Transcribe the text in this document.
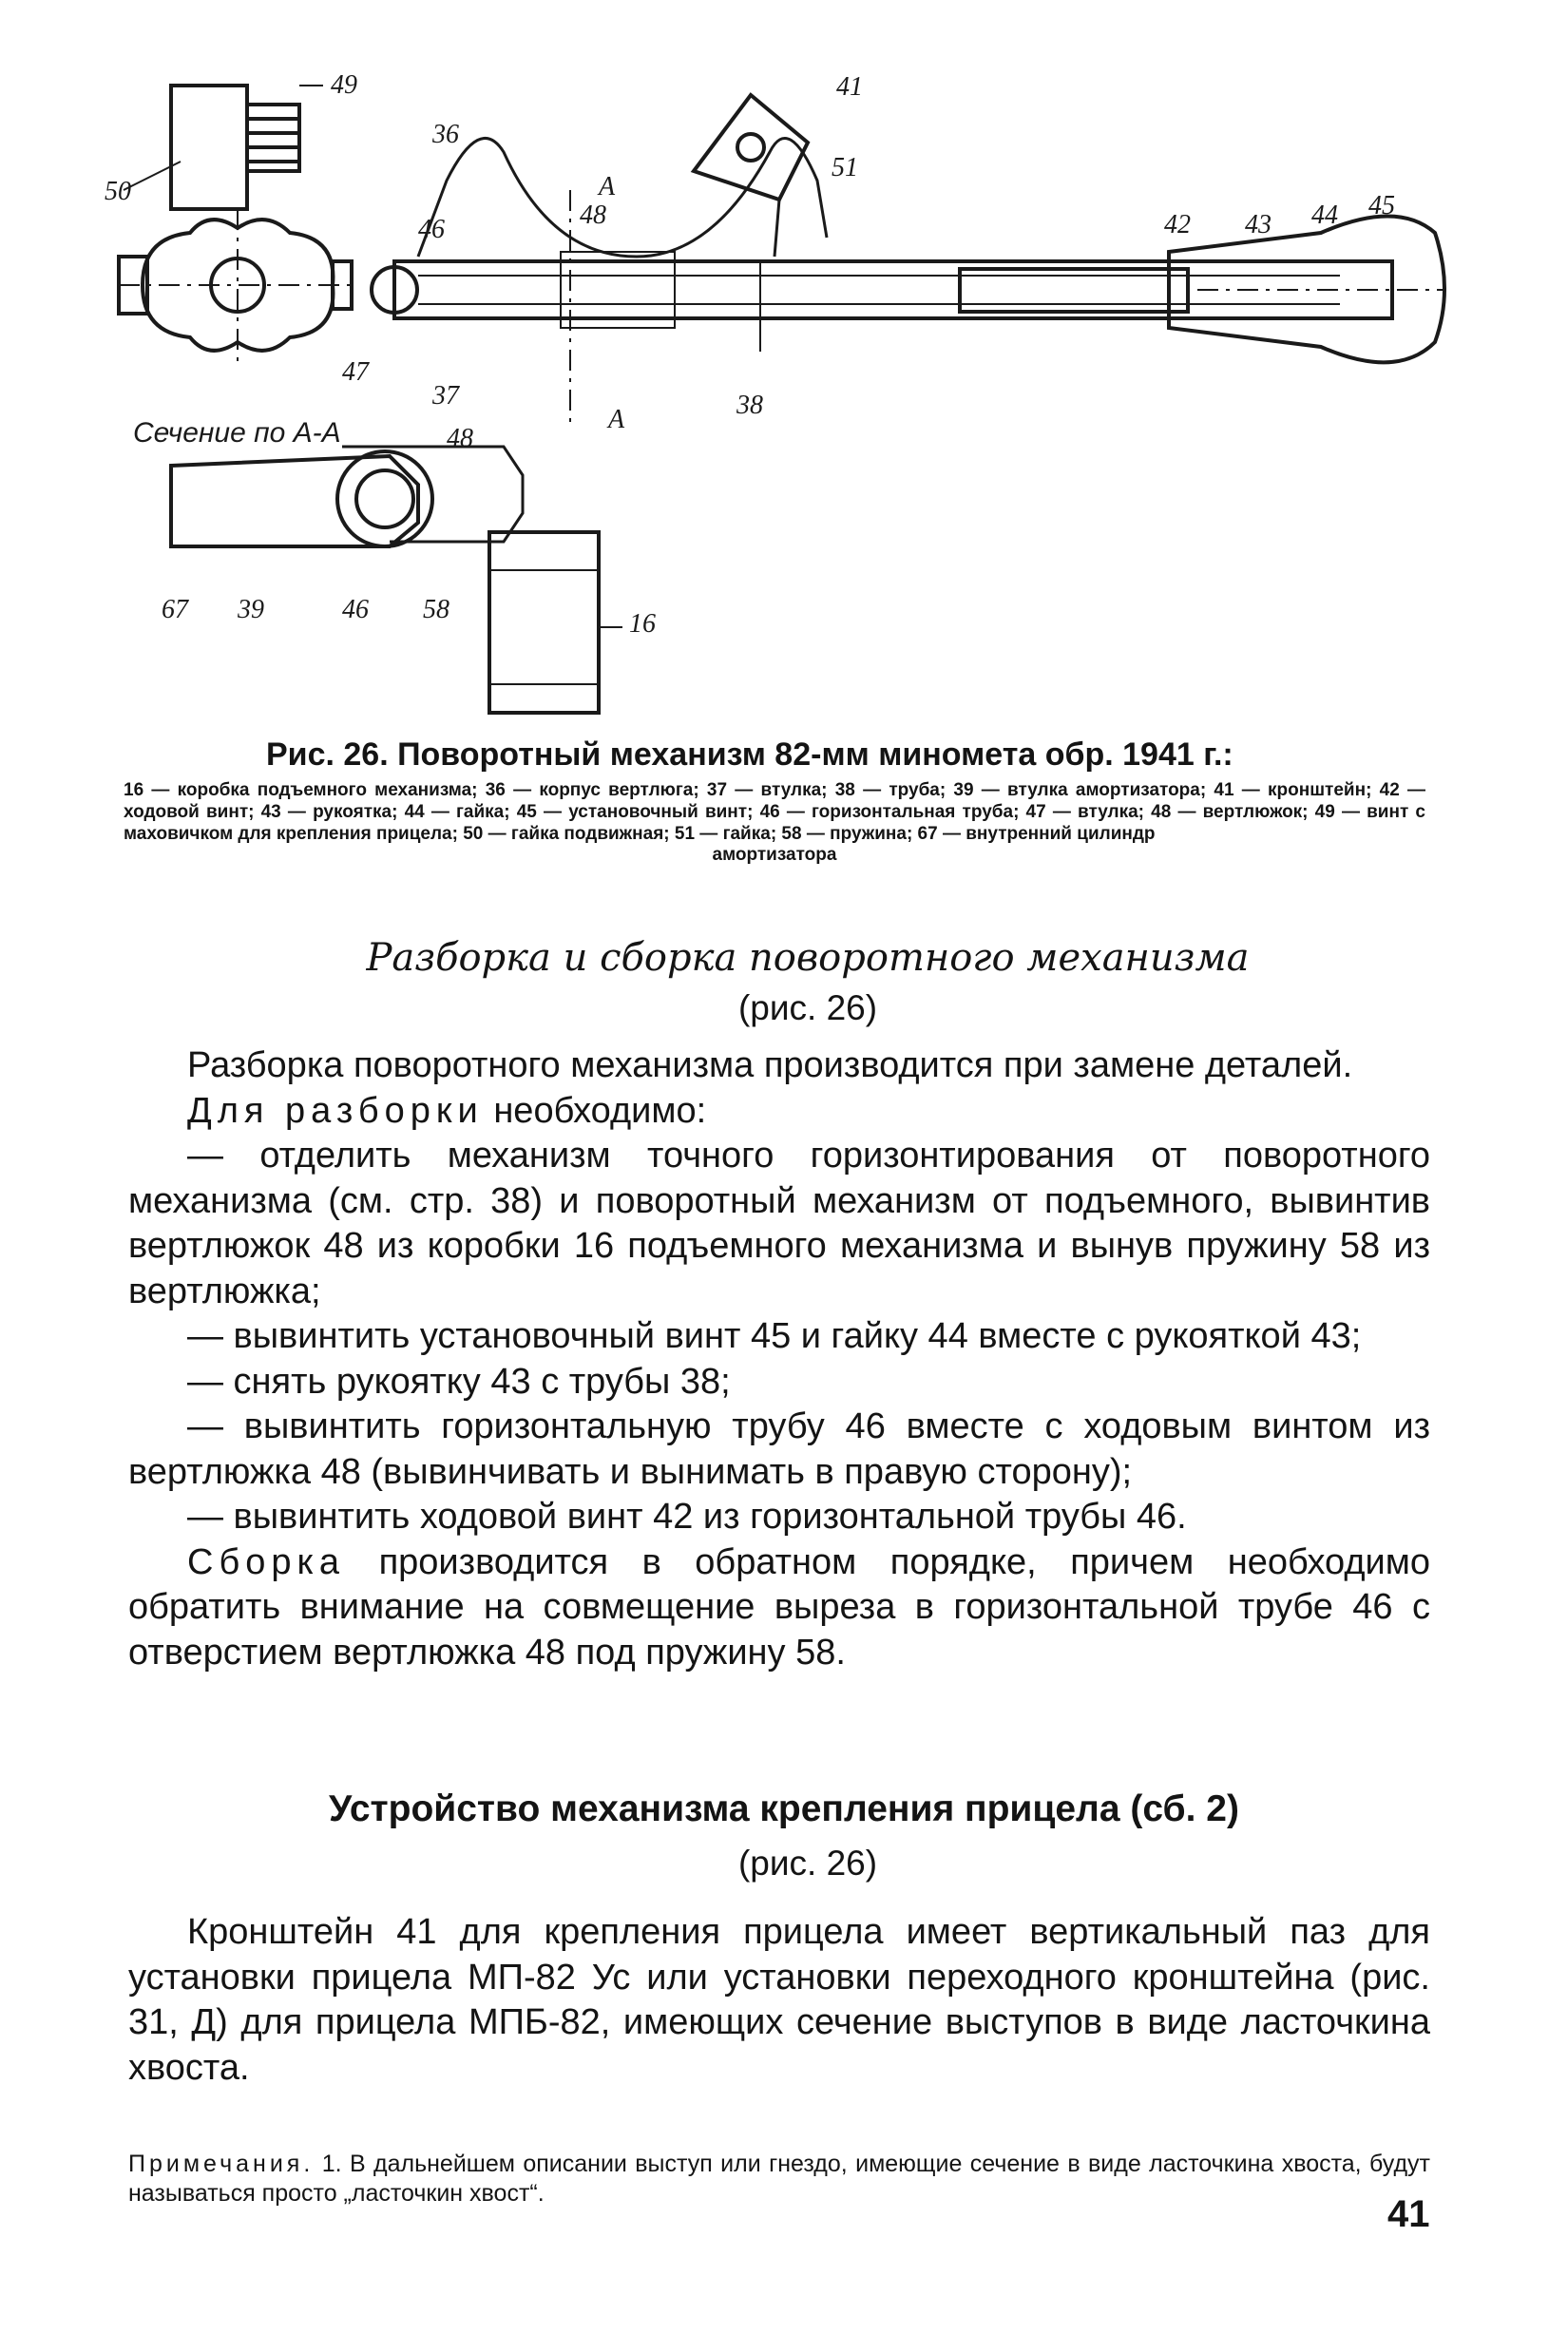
49
50
36
41
51
А
48
46	42 43 44 45
47
37
А	38
48
67 39	46 58	16
Сечение по А-А

Рис. 26. Поворотный механизм 82-мм миномета обр. 1941 г.:

16 — коробка подъемного механизма; 36 — корпус вертлюга; 37 — втулка; 38 — труба; 39 — втулка амортизатора; 41 — кронштейн; 42 — ходовой винт; 43 — рукоятка; 44 — гайка; 45 — установочный винт; 46 — горизонтальная труба; 47 — втулка; 48 — вертлюжок; 49 — винт с маховичком для крепления прицела; 50 — гайка подвижная; 51 — гайка; 58 — пружина; 67 — внутренний цилиндр

амортизатора

Разборка и сборка поворотного механизма

(рис. 26)

Разборка поворотного механизма производится при замене деталей.

Для разборки необходимо:

— отделить механизм точного горизонтирования от поворотного механизма (см. стр. 38) и поворотный механизм от подъемного, вывинтив вертлюжок 48 из коробки 16 подъемного механизма и вынув пружину 58 из вертлюжка;

— вывинтить установочный винт 45 и гайку 44 вместе с рукояткой 43;

— снять рукоятку 43 с трубы 38;

— вывинтить горизонтальную трубу 46 вместе с ходовым винтом из вертлюжка 48 (вывинчивать и вынимать в правую сторону);

— вывинтить ходовой винт 42 из горизонтальной трубы 46.

Сборка производится в обратном порядке, причем необходимо обратить внимание на совмещение выреза в горизонтальной трубе 46 с отверстием вертлюжка 48 под пружину 58.

Устройство механизма крепления прицела (сб. 2)

(рис. 26)

Кронштейн 41 для крепления прицела имеет вертикальный паз для установки прицела МП-82 Ус или установки переходного кронштейна (рис. 31, Д) для прицела МПБ-82, имеющих сечение выступов в виде ласточкина хвоста.

Примечания. 1. В дальнейшем описании выступ или гнездо, имеющие сечение в виде ласточкина хвоста, будут называться просто „ласточкин хвост“.	41
